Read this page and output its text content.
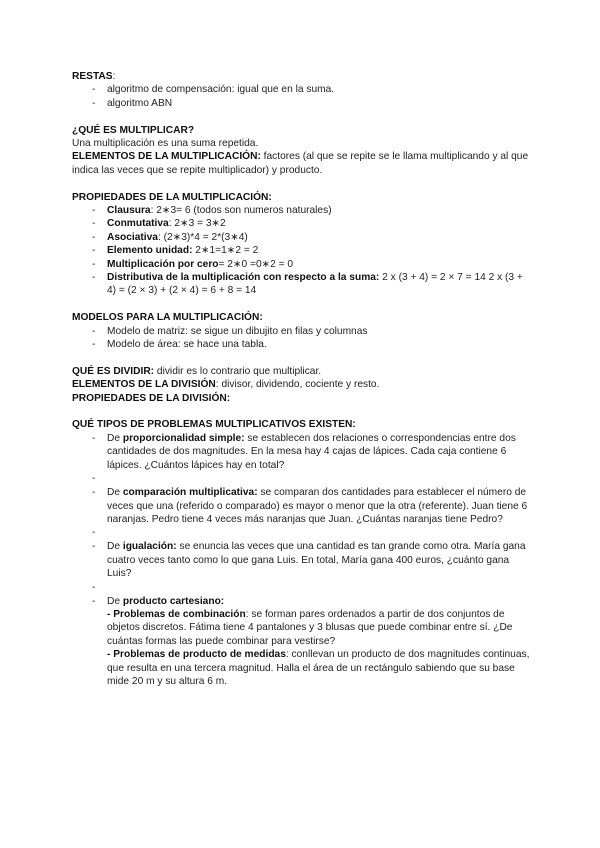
RESTAS:

- algoritmo de compensación: igual que en la suma.
- algoritmo ABN

¿QUÉ ES MULTIPLICAR?

Una multiplicación es una suma repetida.

ELEMENTOS DE LA MULTIPLICACIÓN: factores (al que se repite se le llama multiplicando y al que indica las veces que se repite multiplicador) y producto.

PROPIEDADES DE LA MULTIPLICACIÓN:

- Clausura: 2∗3= 6 (todos son numeros naturales)
- Conmutativa: 2∗3 = 3∗2
- Asociativa: (2∗3)*4 = 2*(3∗4)
- Elemento unidad: 2∗1=1∗2 = 2
- Multiplicación por cero= 2∗0 =0∗2 = 0
- Distributiva de la multiplicación con respecto a la suma: 2 x (3 + 4) = 2 × 7 = 14 2 x (3 + 4) = (2 × 3) + (2 × 4) = 6 + 8 = 14

MODELOS PARA LA MULTIPLICACIÓN:

- Modelo de matriz: se sigue un dibujito en filas y columnas
- Modelo de área: se hace una tabla.

QUÉ ES DIVIDIR: dividir es lo contrario que multiplicar.

ELEMENTOS DE LA DIVISIÓN: divisor, dividendo, cociente y resto.

PROPIEDADES DE LA DIVISIÓN:

QUÉ TIPOS DE PROBLEMAS MULTIPLICATIVOS EXISTEN:

- De proporcionalidad simple: se establecen dos relaciones o correspondencias entre dos cantidades de dos magnitudes. En la mesa hay 4 cajas de lápices. Cada caja contiene 6 lápices. ¿Cuántos lápices hay en total?
-
- De comparación multiplicativa: se comparan dos cantidades para establecer el número de veces que una (referido o comparado) es mayor o menor que la otra (referente). Juan tiene 6 naranjas. Pedro tiene 4 veces más naranjas que Juan. ¿Cuántas naranjas tiene Pedro?
-
- De igualación: se enuncia las veces que una cantidad es tan grande como otra. María gana cuatro veces tanto como lo que gana Luis. En total, María gana 400 euros, ¿cuánto gana Luis?
-
- De producto cartesiano:
- Problemas de combinación: se forman pares ordenados a partir de dos conjuntos de objetos discretos. Fátima tiene 4 pantalones y 3 blusas que puede combinar entre sí. ¿De cuántas formas las puede combinar para vestirse?
- Problemas de producto de medidas: conllevan un producto de dos magnitudes continuas, que resulta en una tercera magnitud. Halla el área de un rectángulo sabiendo que su base mide 20 m y su altura 6 m.
